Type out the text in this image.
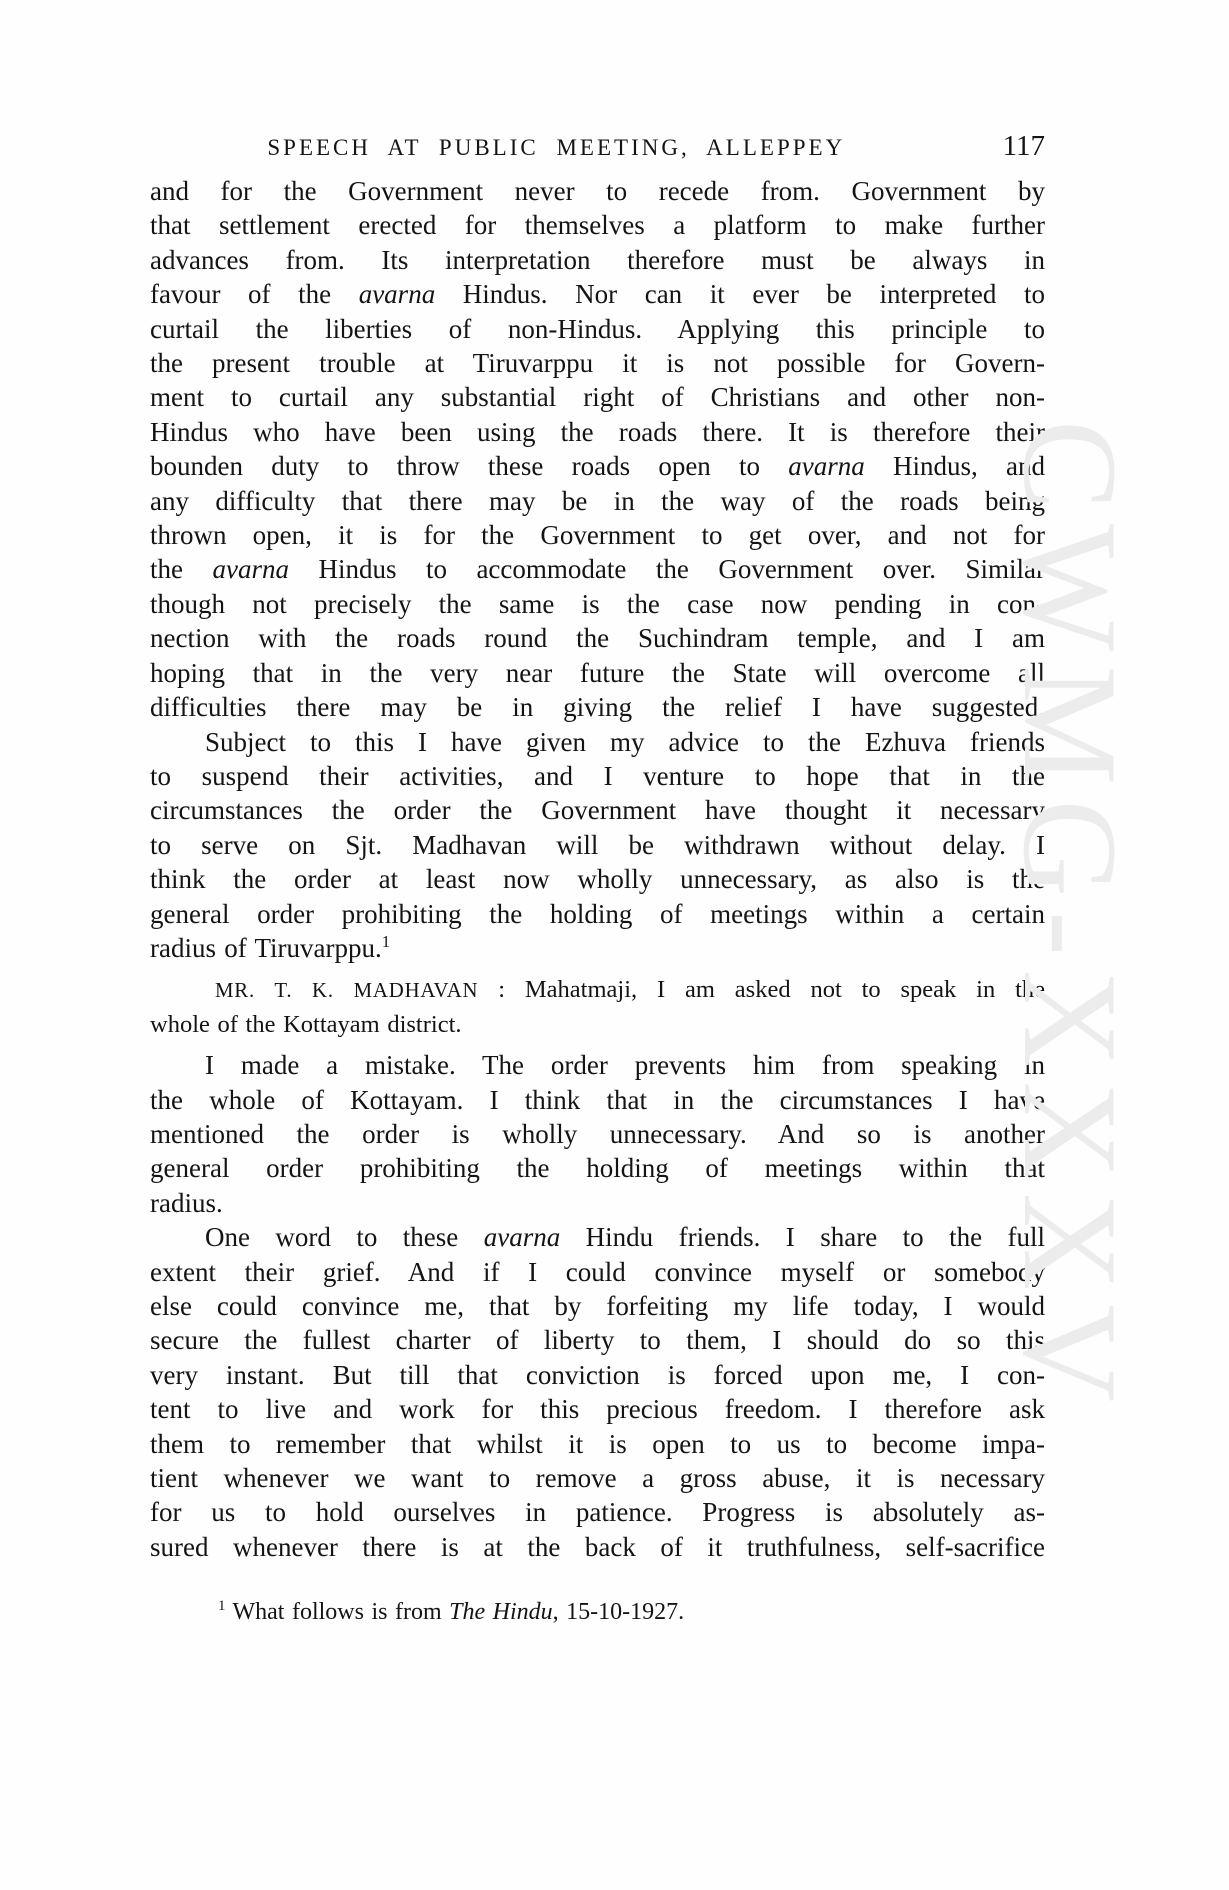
SPEECH AT PUBLIC MEETING, ALLEPPEY	117
and for the Government never to recede from. Government by
that settlement erected for themselves a platform to make further
advances from. Its interpretation therefore must be always in
favour of the avarna Hindus. Nor can it ever be interpreted to
curtail the liberties of non-Hindus. Applying this principle to
the present trouble at Tiruvarppu it is not possible for Govern-
ment to curtail any substantial right of Christians and other non-
Hindus who have been using the roads there. It is therefore their
bounden duty to throw these roads open to avarna Hindus, and
any difficulty that there may be in the way of the roads being
thrown open, it is for the Government to get over, and not for
the avarna Hindus to accommodate the Government over. Similar
though not precisely the same is the case now pending in con-
nection with the roads round the Suchindram temple, and I am
hoping that in the very near future the State will overcome all
difficulties there may be in giving the relief I have suggested.
Subject to this I have given my advice to the Ezhuva friends
to suspend their activities, and I venture to hope that in the
circumstances the order the Government have thought it necessary
to serve on Sjt. Madhavan will be withdrawn without delay. I
think the order at least now wholly unnecessary, as also is the
general order prohibiting the holding of meetings within a certain
radius of Tiruvarppu.$^1$
MR. T. K. MADHAVAN : Mahatmaji, I am asked not to speak in the
whole of the Kottayam district.
I made a mistake. The order prevents him from speaking in
the whole of Kottayam. I think that in the circumstances I have
mentioned the order is wholly unnecessary. And so is another
general order prohibiting the holding of meetings within that
radius.
One word to these avarna Hindu friends. I share to the full
extent their grief. And if I could convince myself or somebody
else could convince me, that by forfeiting my life today, I would
secure the fullest charter of liberty to them, I should do so this
very instant. But till that conviction is forced upon me, I con-
tent to live and work for this precious freedom. I therefore ask
them to remember that whilst it is open to us to become impa-
tient whenever we want to remove a gross abuse, it is necessary
for us to hold ourselves in patience. Progress is absolutely as-
sured whenever there is at the back of it truthfulness, self-sacrifice
$^1$ What follows is from The Hindu, 15-10-1927.
CWMG-XXXV
